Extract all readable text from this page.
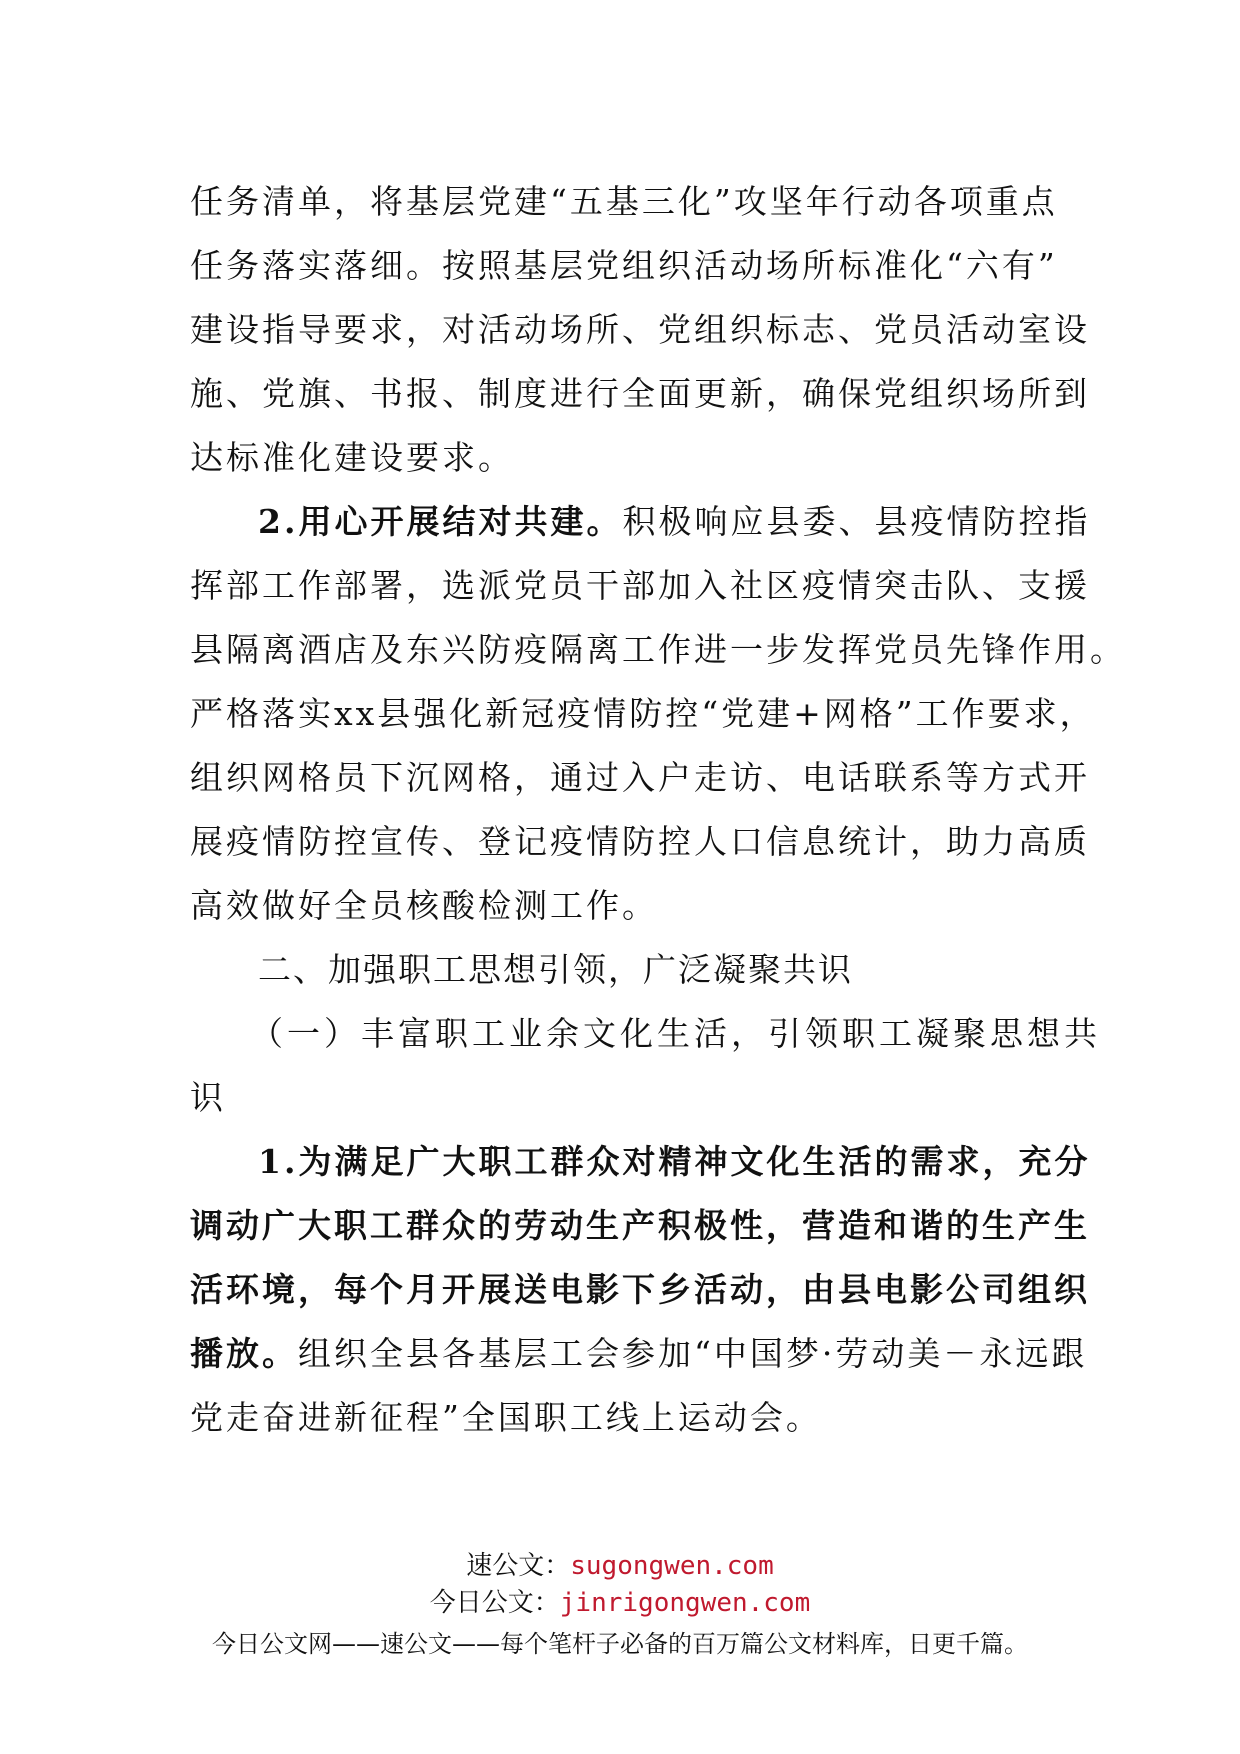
任务清单，将基层党建“五基三化”攻坚年行动各项重点
任务落实落细。按照基层党组织活动场所标准化“六有”
建设指导要求，对活动场所、党组织标志、党员活动室设
施、党旗、书报、制度进行全面更新，确保党组织场所到
达标准化建设要求。
2.用心开展结对共建。积极响应县委、县疫情防控指
挥部工作部署，选派党员干部加入社区疫情突击队、支援
县隔离酒店及东兴防疫隔离工作进一步发挥党员先锋作用。
严格落实xx县强化新冠疫情防控“党建+网格”工作要求，
组织网格员下沉网格，通过入户走访、电话联系等方式开
展疫情防控宣传、登记疫情防控人口信息统计，助力高质
高效做好全员核酸检测工作。
二、加强职工思想引领，广泛凝聚共识
（一）丰富职工业余文化生活，引领职工凝聚思想共
识
1.为满足广大职工群众对精神文化生活的需求，充分
调动广大职工群众的劳动生产积极性，营造和谐的生产生
活环境，每个月开展送电影下乡活动，由县电影公司组织
播放。组织全县各基层工会参加“中国梦·劳动美－永远跟
党走奋进新征程”全国职工线上运动会。
速公文：sugongwen.com
今日公文：jinrigongwen.com
今日公文网——速公文——每个笔杆子必备的百万篇公文材料库，日更千篇。
